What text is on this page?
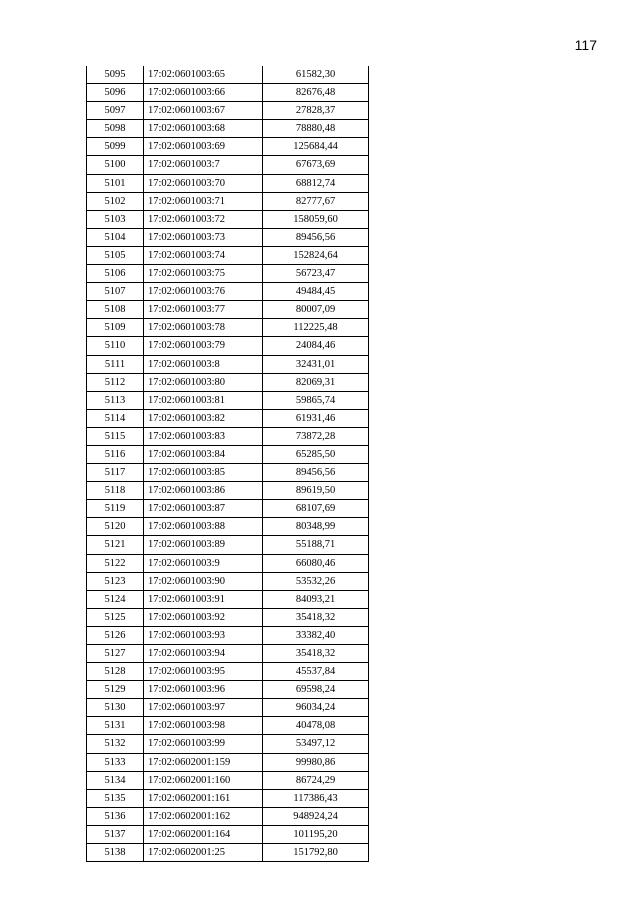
117
5095	17:02:0601003:65	61582,30
5096	17:02:0601003:66	82676,48
5097	17:02:0601003:67	27828,37
5098	17:02:0601003:68	78880,48
5099	17:02:0601003:69	125684,44
5100	17:02:0601003:7	67673,69
5101	17:02:0601003:70	68812,74
5102	17:02:0601003:71	82777,67
5103	17:02:0601003:72	158059,60
5104	17:02:0601003:73	89456,56
5105	17:02:0601003:74	152824,64
5106	17:02:0601003:75	56723,47
5107	17:02:0601003:76	49484,45
5108	17:02:0601003:77	80007,09
5109	17:02:0601003:78	112225,48
5110	17:02:0601003:79	24084,46
5111	17:02:0601003:8	32431,01
5112	17:02:0601003:80	82069,31
5113	17:02:0601003:81	59865,74
5114	17:02:0601003:82	61931,46
5115	17:02:0601003:83	73872,28
5116	17:02:0601003:84	65285,50
5117	17:02:0601003:85	89456,56
5118	17:02:0601003:86	89619,50
5119	17:02:0601003:87	68107,69
5120	17:02:0601003:88	80348,99
5121	17:02:0601003:89	55188,71
5122	17:02:0601003:9	66080,46
5123	17:02:0601003:90	53532,26
5124	17:02:0601003:91	84093,21
5125	17:02:0601003:92	35418,32
5126	17:02:0601003:93	33382,40
5127	17:02:0601003:94	35418,32
5128	17:02:0601003:95	45537,84
5129	17:02:0601003:96	69598,24
5130	17:02:0601003:97	96034,24
5131	17:02:0601003:98	40478,08
5132	17:02:0601003:99	53497,12
5133	17:02:0602001:159	99980,86
5134	17:02:0602001:160	86724,29
5135	17:02:0602001:161	117386,43
5136	17:02:0602001:162	948924,24
5137	17:02:0602001:164	101195,20
5138	17:02:0602001:25	151792,80
